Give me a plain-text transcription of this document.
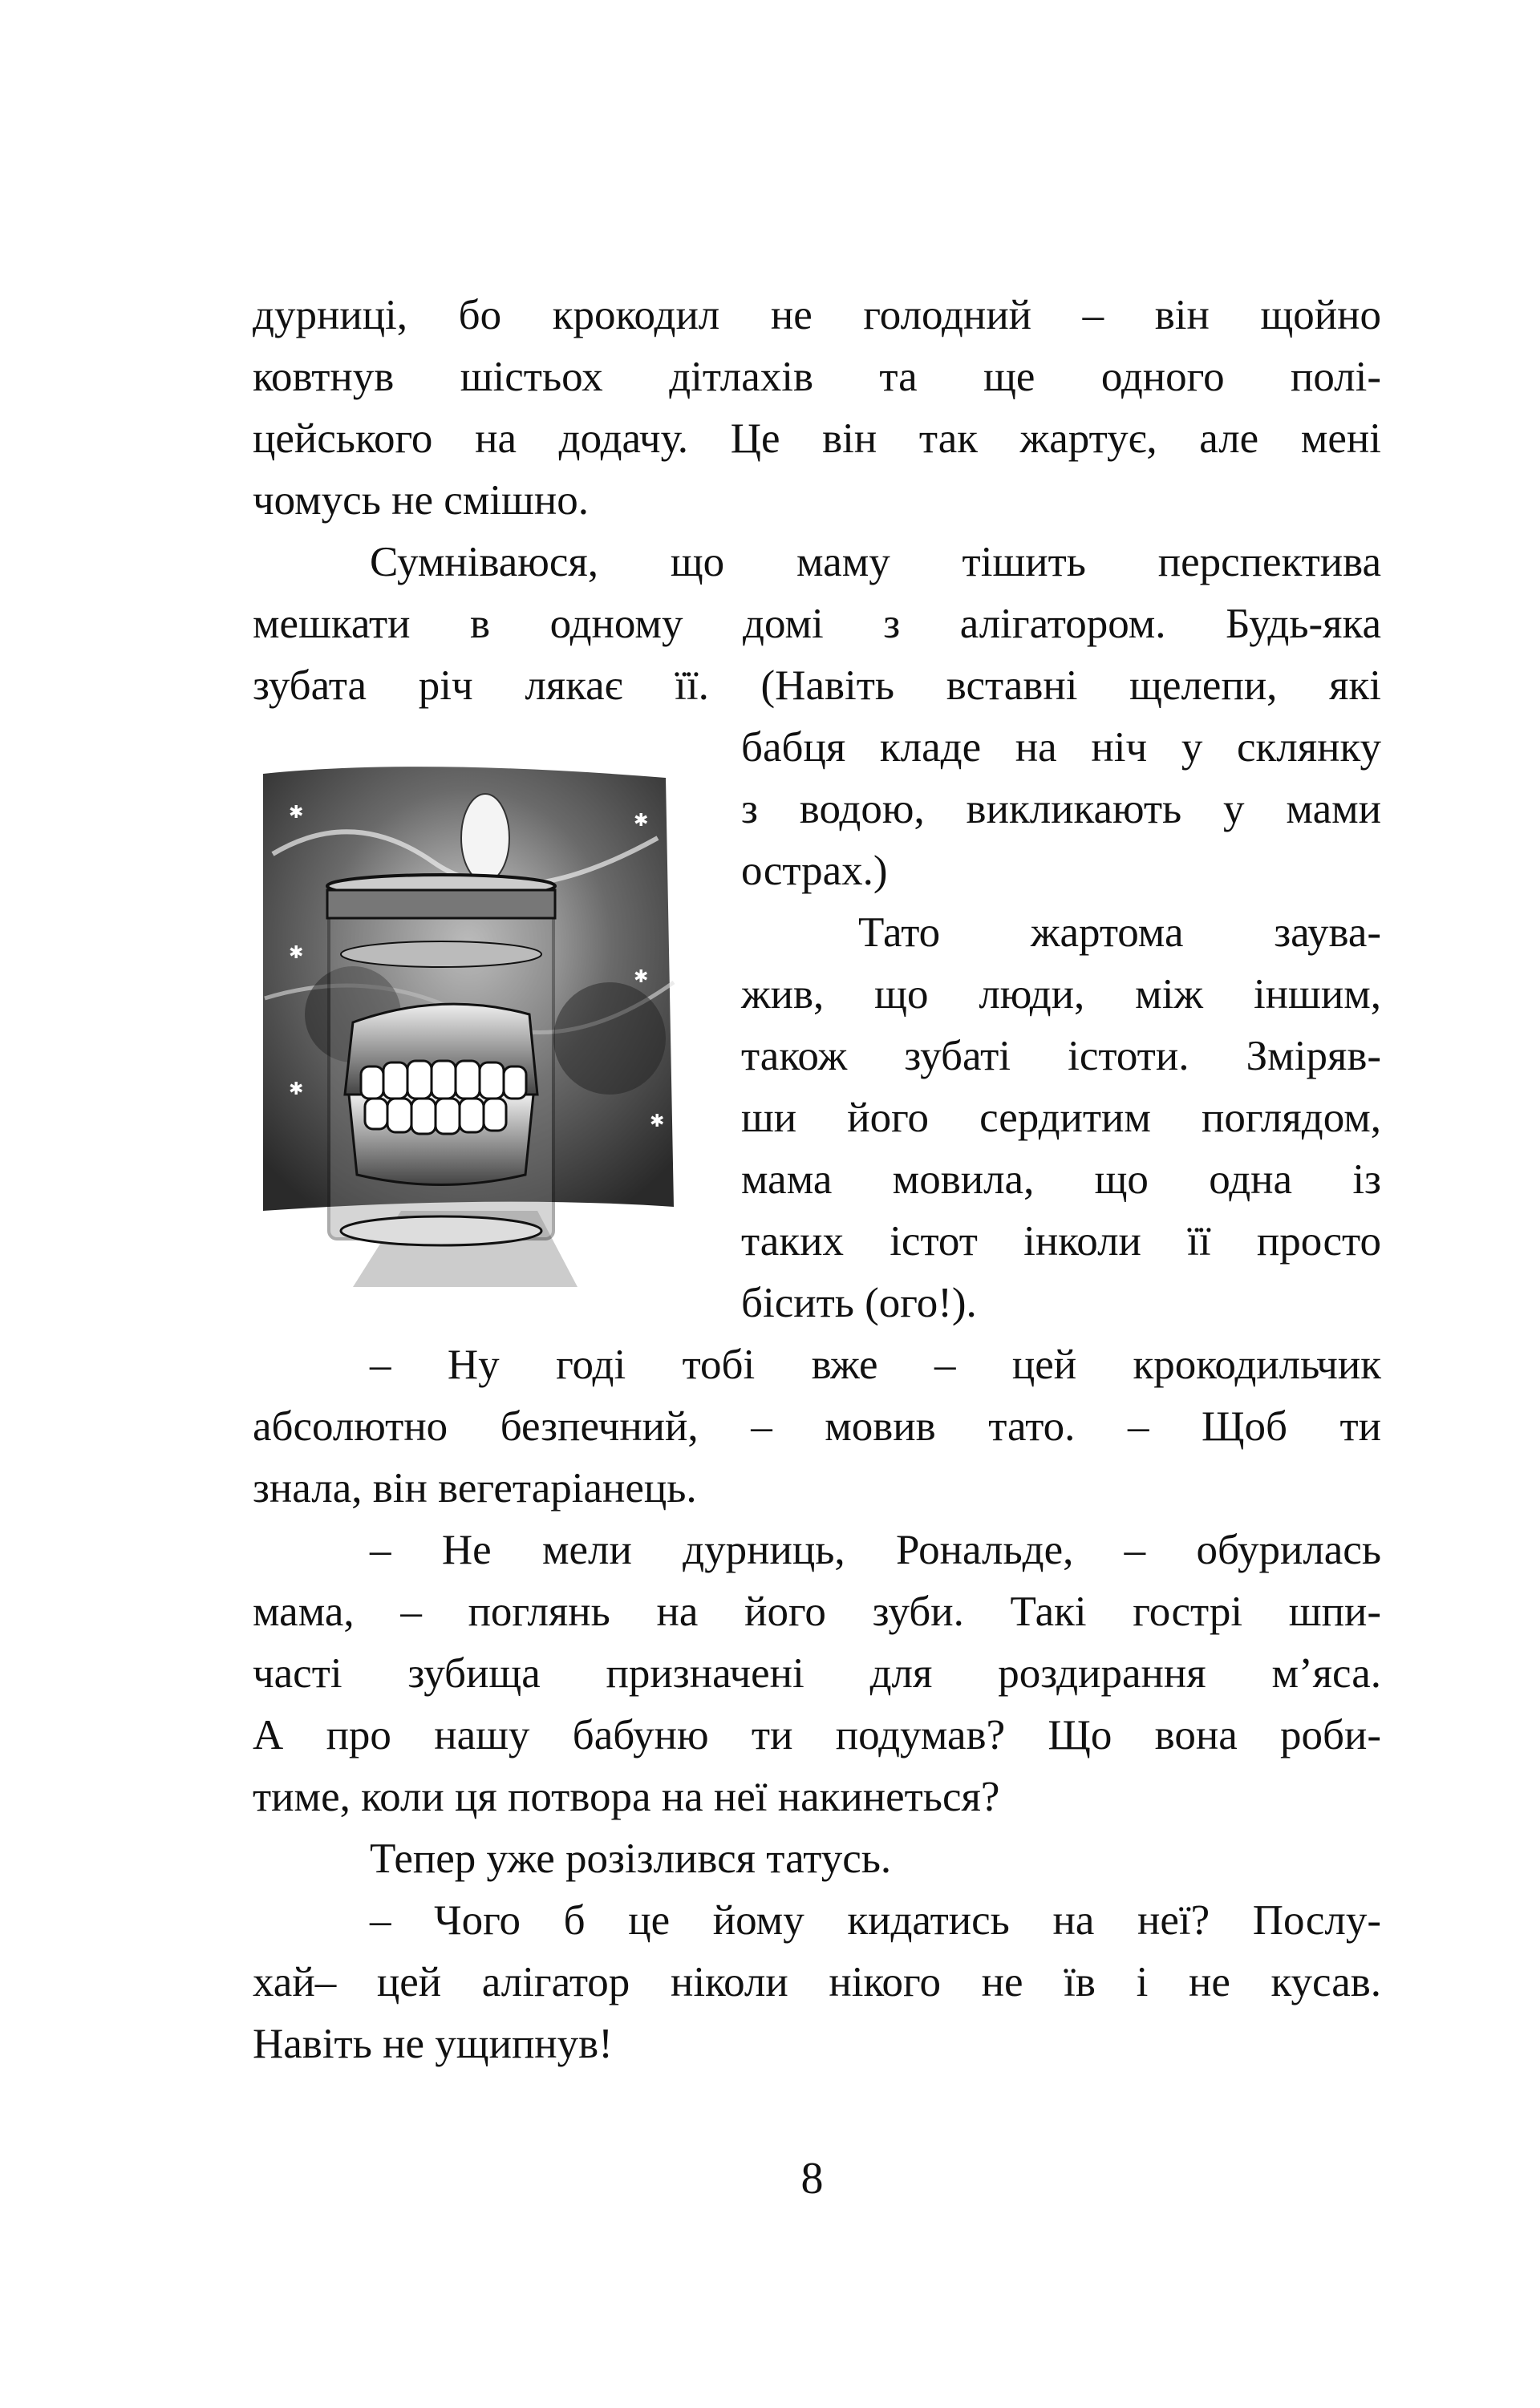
дурниці, бо крокодил не голодний – він щойно
ковтнув шістьох дітлахів та ще одного полі-
цейського на додачу. Це він так жартує, але мені
чомусь не смішно.
Сумніваюся, що маму тішить перспектива
мешкати в одному домі з алігатором. Будь-яка
зубата річ лякає її. (Навіть вставні щелепи, які
бабця кладе на ніч у склянку
з водою, викликають у мами
острах.)
Тато жартома заува-
жив, що люди, між іншим,
також зубаті істоти. Зміряв-
ши його сердитим поглядом,
мама мовила, що одна із
таких істот інколи її просто
бісить (ого!).
– Ну годі тобі вже – цей крокодильчик
абсолютно безпечний, – мовив тато. – Щоб ти
знала, він вегетаріанець.
– Не мели дурниць, Рональде, – обурилась
мама, – поглянь на його зуби. Такі гострі шпи-
часті зубища призначені для роздирання м’яса.
А про нашу бабуню ти подумав? Що вона роби-
тиме, коли ця потвора на неї накинеться?
Тепер уже розізлився татусь.
– Чого б це йому кидатись на неї? Послу-
хай– цей алігатор ніколи нікого не їв і не кусав.
Навіть не ущипнув!
✱	✱
✱
✱
✱
✱
8
